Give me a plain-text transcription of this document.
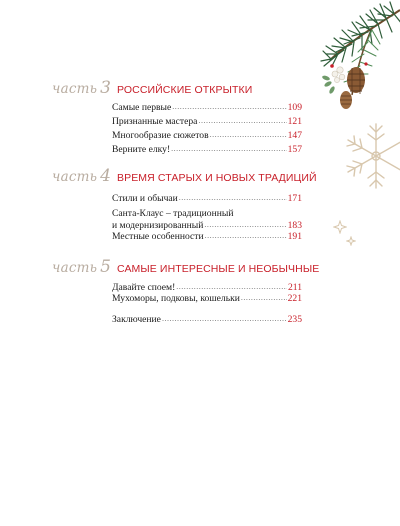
часть 3 РОССИЙСКИЕ ОТКРЫТКИ
Самые первые .....	109
Признанные мастера .....	121
Многообразие сюжетов .....	147
Верните елку! .....	157
часть 4 ВРЕМЯ СТАРЫХ И НОВЫХ ТРАДИЦИЙ
Стили и обычаи .....	171
Санта-Клаус – традиционный
и модернизированный .....	183
Местные особенности .....	191
часть 5 САМЫЕ ИНТЕРЕСНЫЕ И НЕОБЫЧНЫЕ
Давайте споем! .....	211
Мухоморы, подковы, кошельки .....	221
Заключение .....	235
